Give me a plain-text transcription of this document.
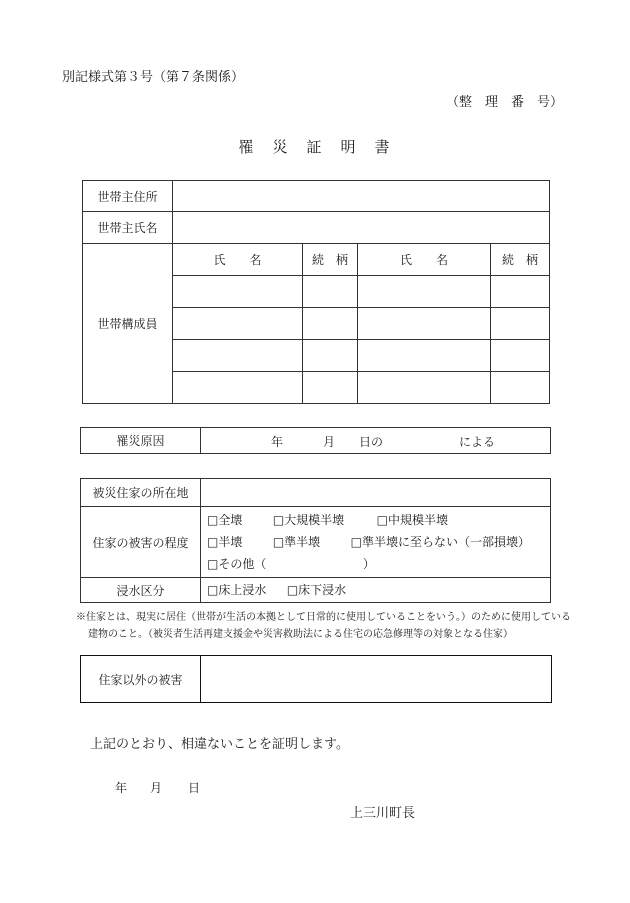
別記様式第３号（第７条関係）
（整　理　番　号）
罹　災　証　明　書
世帯主住所				
世帯主氏名				
世帯構成員	氏　　名	続　柄	氏　　名	続　柄

罹災原因	年	月 日の	による
被災住家の所在地	
住家の被害の程度	□全壊 □大規模半壊 □中規模半壊
□半壊 □準半壊 □準半壊に至らない（一部損壊）
□その他（ ）

浸水区分	□床上浸水 □床下浸水
※住家とは、現実に居住（世帯が生活の本拠として日常的に使用していることをいう。）のために使用している
建物のこと。（被災者生活再建支援金や災害救助法による住宅の応急修理等の対象となる住家）
住家以外の被害	
上記のとおり、相違ないことを証明します。
年 月 日
上三川町長
